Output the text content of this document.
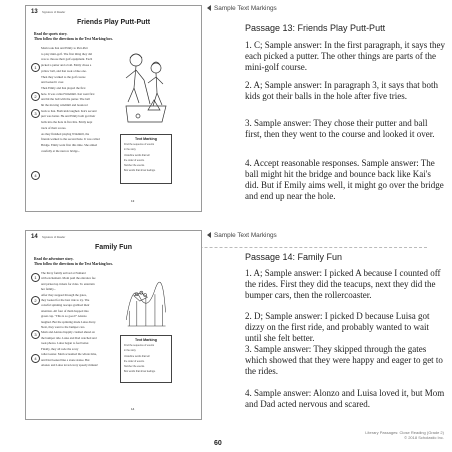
13 Signature of Reader
Friends Play Putt-Putt
Read the sports story.
Then follow the directions in the Text Marking box.
1
2
3
4
Mom took Kai and Emily to Putt-Putt
to play mini-golf. The first thing they did
was to choose their golf equipment. Each
picked a putter and a ball. Emily chose a
yellow ball, and Kai took a blue one.
Then they walked to the golf course
and looked it over.
Then Emily and Kai played the first
hole. It was called Windmill. Kai went first
and hit the ball with the putter. The ball
hit the moving windmill and bounced
back to Kai. Both kids laughed. Kai's second
putt was better. He and Emily both got their
balls into the hole in five hits. Emily kept
track of their scores.
As they finished playing Windmill, the
friends walked to the second hole. It was called
Bridge. Emily went first this time. She aimed
carefully at the narrow bridge...
Text Marking
Find the sequence of events
in the story.
Underline words that tell
the order of events.
Number the events.
Box words that show feelings.
13
Sample Text Markings
Passage 13: Friends Play Putt-Putt
1. C; Sample answer: In the first paragraph, it says they each picked a putter. The other things are parts of the mini-golf course.
2. A; Sample answer: In paragraph 3, it says that both kids got their balls in the hole after five tries.
3. Sample answer: They chose their putter and ball first, then they went to the course and looked it over.
4. Accept reasonable responses. Sample answer: The ball might hit the bridge and bounce back like Kai's did. But if Emily aims well, it might go over the bridge and end up near the hole.
14 Signature of Reader
Family Fun
Read the adventure story.
Then follow the directions in the Text Marking box.
1
2
3
4
The Perry family arrived at Funland
with excitement. Mom paid the entrance fee
and picked up tickets for rides. To entertain
her family...
After they stepped through the gates,
they looked for the best ride to try. The
colorful spinning teacups grabbed their
attention. All four of them hopped into
green cup. "This is so good!" Alonzo
laughed. But the spinning made Luisa dizzy.
Next, they went to the bumper cars.
Mom and Alonzo happily crashed ahead on
the bumper ride. Luisa and Dad watched and
took photos. Luisa began to feel better.
Finally, they all rode the scary
rollercoaster. Mom screamed the whole time,
and Dad looked like a stone statue. But
Alonzo and Luisa loved every speedy minute!
Text Marking
Find the sequence of events
in the story.
Underline words that tell
the order of events.
Number the events.
Box words that show feelings.
14
Sample Text Markings
Passage 14: Family Fun
1. A; Sample answer: I picked A because I counted off the rides. First they did the teacups, next they did the bumper cars, then the rollercoaster.
2. D; Sample answer: I picked D because Luisa got dizzy on the first ride, and probably wanted to wait until she felt better.
3. Sample answer: They skipped through the gates which showed that they were happy and eager to get to the rides.
4. Sample answer: Alonzo and Luisa loved it, but Mom and Dad acted nervous and scared.
Literary Passages: Close Reading (Grade 2)
© 2018 Scholastic Inc.
60
